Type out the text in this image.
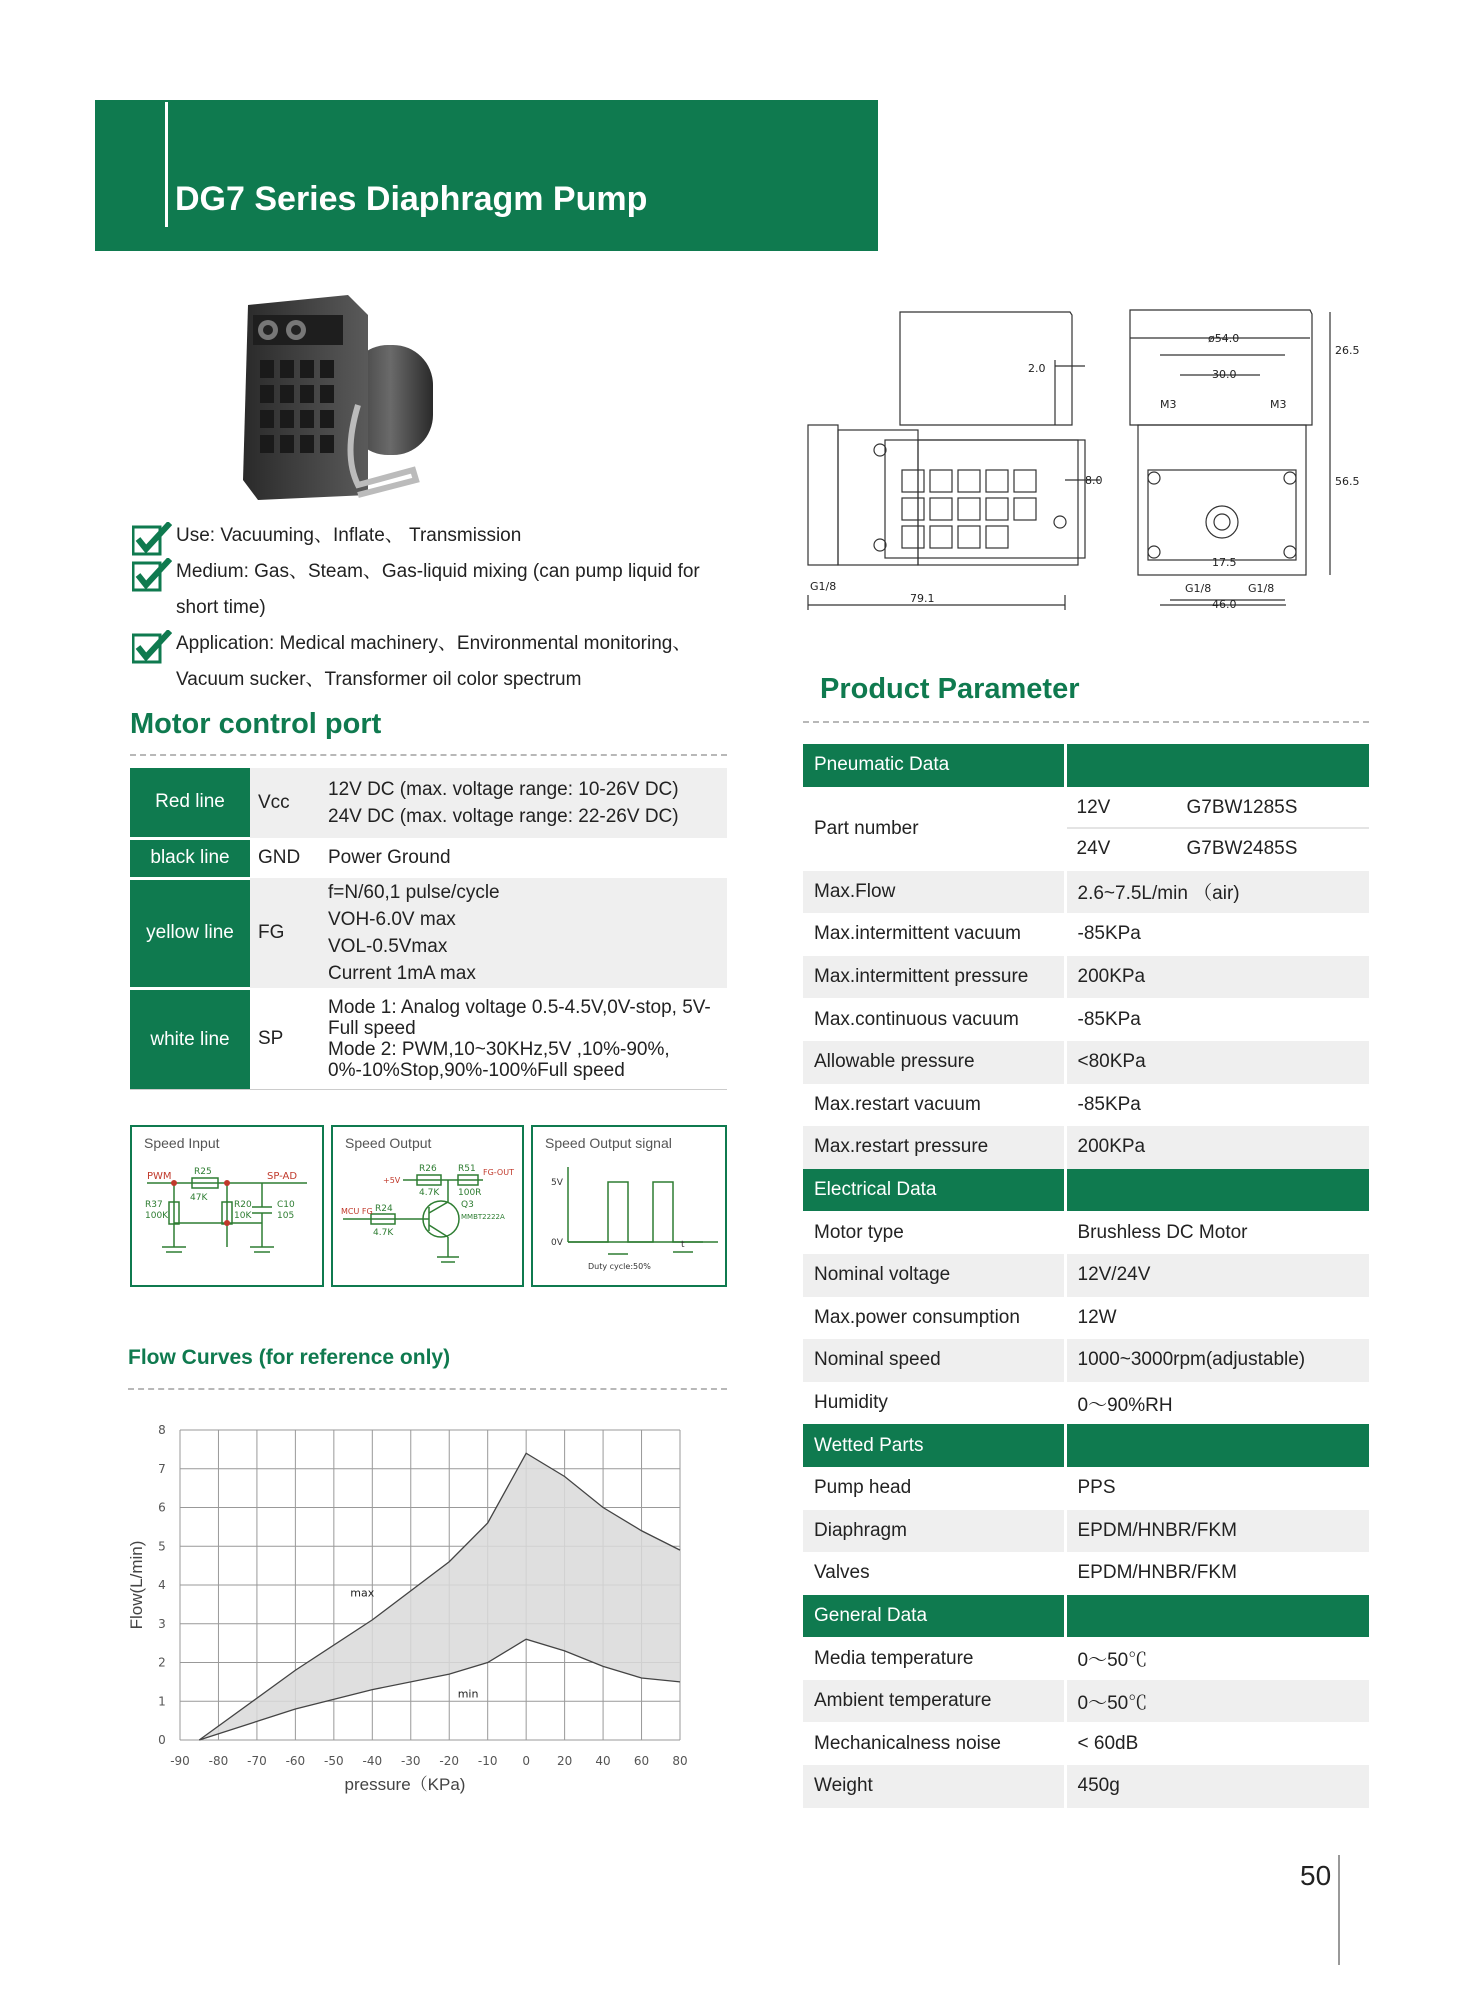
DG7 Series Diaphragm Pump
Use: Vacuuming、Inflate、 Transmission
Medium: Gas、Steam、Gas-liquid mixing (can pump liquid for short time)
Application: Medical machinery、Environmental monitoring、Vacuum sucker、Transformer oil color spectrum
Motor control port
Red line	Vcc	12V DC (max. voltage range: 10-26V DC)
24V DC (max. voltage range: 22-26V DC)

black line	GND	Power Ground
yellow line	FG	f=N/60,1 pulse/cycle
VOH-6.0V max
VOL-0.5Vmax
Current 1mA max

white line	SP	Mode 1: Analog voltage 0.5-4.5V,0V-stop, 5V-Full speed
Mode 2: PWM,10~30KHz,5V ,10%-90%, 0%-10%Stop,90%-100%Full speed
Speed Input
PWM	SP-AD
R25
47K
R37
100K
R20
10K
C10
105
Speed Output
+5V
FG-OUT
MCU FG
R26
4.7K
R51
100R
R24
4.7K
Q3
MMBT2222A
Speed Output signal
5V
0V	t
Duty cycle:50%
Flow Curves (for reference only)
max
min
-90 -80 -70 -60 -50 -40 -30 -20 -10 0 20 40 60 80
0
1
2
3
4
5
6
7
8
pressure（KPa)
Flow(L/min)
2.0
8.0
79.1
G1/8
ø54.0
30.0
M3	M3
26.5
56.5
17.5
G1/8	G1/8
46.0
Product Parameter
Pneumatic Data	
Part number	12V G7BW1285S
24V G7BW2485S

Max.Flow	2.6~7.5L/min （air)
Max.intermittent vacuum	-85KPa
Max.intermittent pressure	200KPa
Max.continuous vacuum	-85KPa
Allowable pressure	<80KPa
Max.restart vacuum	-85KPa
Max.restart pressure	200KPa
Electrical Data	
Motor type	Brushless DC Motor
Nominal voltage	12V/24V
Max.power consumption	12W
Nominal speed	1000~3000rpm(adjustable)
Humidity	0～90%RH
Wetted Parts	
Pump head	PPS
Diaphragm	EPDM/HNBR/FKM
Valves	EPDM/HNBR/FKM
General Data	
Media temperature	0～50℃
Ambient temperature	0～50℃
Mechanicalness noise	< 60dB
Weight	450g
50
